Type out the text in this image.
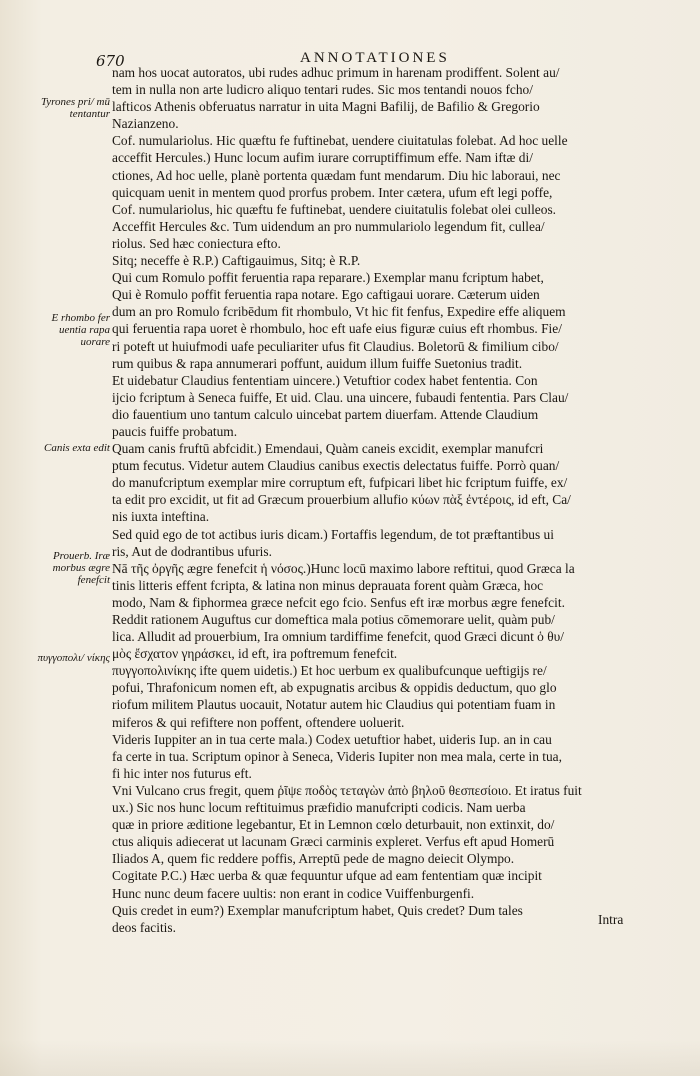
670	ANNOTATIONES
Tyrones pri/ mū tentantur
E rhombo fer uentia rapa uorare
Canis exta edit
Prouerb. Iræ morbus ægre fenefcit
πυγγοπολι/ νίκης
nam hos uocat autoratos, ubi rudes adhuc primum in harenam prodiffent. Solent au/
tem in nulla non arte ludicro aliquo tentari rudes. Sic mos tentandi nouos fcho/
lafticos Athenis obferuatus narratur in uita Magni Bafilij, de Bafilio & Gregorio
Nazianzeno.
Cof. numulariolus. Hic quæftu fe fuftinebat, uendere ciuitatulas folebat. Ad hoc uelle
acceffit Hercules.) Hunc locum aufim iurare corruptiffimum effe. Nam iftæ di/
ctiones, Ad hoc uelle, planè portenta quædam funt mendarum. Diu hic laboraui, nec
quicquam uenit in mentem quod prorfus probem. Inter cætera, ufum eft legi poffe,
Cof. numulariolus, hic quæftu fe fuftinebat, uendere ciuitatulis folebat olei culleos.
Acceffit Hercules &c. Tum uidendum an pro nummulariolo legendum fit, cullea/
riolus. Sed hæc coniectura efto.
Sitq; neceffe è R.P.) Caftigauimus, Sitq; è R.P.
Qui cum Romulo poffit feruentia rapa reparare.) Exemplar manu fcriptum habet,
Qui è Romulo poffit feruentia rapa notare. Ego caftigaui uorare. Cæterum uiden
dum an pro Romulo fcribēdum fit rhombulo, Vt hic fit fenfus, Expedire effe aliquem
qui feruentia rapa uoret è rhombulo, hoc eft uafe eius figuræ cuius eft rhombus. Fie/
ri poteft ut huiufmodi uafe peculiariter ufus fit Claudius. Boletorū & fimilium cibo/
rum quibus & rapa annumerari poffunt, auidum illum fuiffe Suetonius tradit.
Et uidebatur Claudius fententiam uincere.) Vetuftior codex habet fententia. Con
ijcio fcriptum à Seneca fuiffe, Et uid. Clau. una uincere, fubaudi fententia. Pars Clau/
dio fauentium uno tantum calculo uincebat partem diuerfam. Attende Claudium
paucis fuiffe probatum.
Quam canis fruftū abfcidit.) Emendaui, Quàm caneis excidit, exemplar manufcri
ptum fecutus. Videtur autem Claudius canibus exectis delectatus fuiffe. Porrò quan/
do manufcriptum exemplar mire corruptum eft, fufpicari libet hic fcriptum fuiffe, ex/
ta edit pro excidit, ut fit ad Græcum prouerbium allufio κύων πὰξ ἐντέροις, id eft, Ca/
nis iuxta inteftina.
Sed quid ego de tot actibus iuris dicam.) Fortaffis legendum, de tot præftantibus ui
ris, Aut de dodrantibus ufuris.
Nā τῆς ὀργῆς ægre fenefcit ἡ νόσος.)Hunc locū maximo labore reftitui, quod Græca la
tinis litteris effent fcripta, & latina non minus deprauata forent quàm Græca, hoc
modo, Nam & fiphormea græce nefcit ego fcio. Senfus eft iræ morbus ægre fenefcit.
Reddit rationem Auguftus cur domeftica mala potius cōmemorare uelit, quàm pub/
lica. Alludit ad prouerbium, Ira omnium tardiffime fenefcit, quod Græci dicunt ὁ θυ/
μὸς ἔσχατον γηράσκει, id eft, ira poftremum fenefcit.
πυγγοπολινίκης ifte quem uidetis.) Et hoc uerbum ex qualibufcunque ueftigijs re/
pofui, Thrafonicum nomen eft, ab expugnatis arcibus & oppidis deductum, quo glo
riofum militem Plautus uocauit, Notatur autem hic Claudius qui potentiam fuam in
miferos & qui refiftere non poffent, oftendere uoluerit.
Videris Iuppiter an in tua certe mala.) Codex uetuftior habet, uideris Iup. an in cau
fa certe in tua. Scriptum opinor à Seneca, Videris Iupiter non mea mala, certe in tua,
fi hic inter nos futurus eft.
Vni Vulcano crus fregit, quem ῥῖψε ποδὸς τεταγὼν ἀπὸ βηλοῦ θεσπεσίοιο. Et iratus fuit
ux.) Sic nos hunc locum reftituimus præfidio manufcripti codicis. Nam uerba
quæ in priore æditione legebantur, Et in Lemnon cœlo deturbauit, non extinxit, do/
ctus aliquis adiecerat ut lacunam Græci carminis expleret. Verfus eft apud Homerū
Iliados A, quem fic reddere poffis, Arreptū pede de magno deiecit Olympo.
Cogitate P.C.) Hæc uerba & quæ fequuntur ufque ad eam fententiam quæ incipit
Hunc nunc deum facere uultis: non erant in codice Vuiffenburgenfi.
Quis credet in eum?) Exemplar manufcriptum habet, Quis credet? Dum tales
deos facitis.
Intra
